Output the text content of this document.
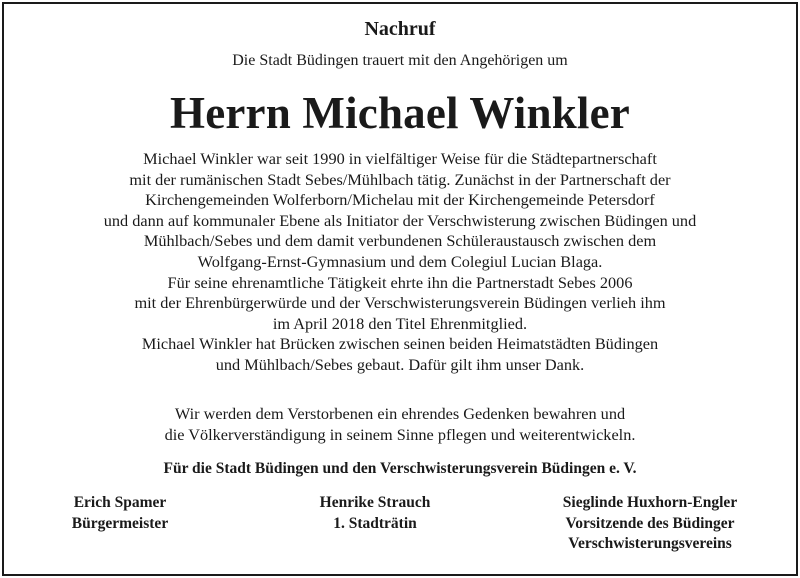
Nachruf
Die Stadt Büdingen trauert mit den Angehörigen um
Herrn Michael Winkler
Michael Winkler war seit 1990 in vielfältiger Weise für die Städtepartnerschaft
mit der rumänischen Stadt Sebes/Mühlbach tätig. Zunächst in der Partnerschaft der
Kirchengemeinden Wolferborn/Michelau mit der Kirchengemeinde Petersdorf
und dann auf kommunaler Ebene als Initiator der Verschwisterung zwischen Büdingen und
Mühlbach/Sebes und dem damit verbundenen Schüleraustausch zwischen dem
Wolfgang-Ernst-Gymnasium und dem Colegiul Lucian Blaga.
Für seine ehrenamtliche Tätigkeit ehrte ihn die Partnerstadt Sebes 2006
mit der Ehrenbürgerwürde und der Verschwisterungsverein Büdingen verlieh ihm
im April 2018 den Titel Ehrenmitglied.
Michael Winkler hat Brücken zwischen seinen beiden Heimatstädten Büdingen
und Mühlbach/Sebes gebaut. Dafür gilt ihm unser Dank.
Wir werden dem Verstorbenen ein ehrendes Gedenken bewahren und
die Völkerverständigung in seinem Sinne pflegen und weiterentwickeln.
Für die Stadt Büdingen und den Verschwisterungsverein Büdingen e. V.
Erich Spamer
Bürgermeister
Henrike Strauch
1. Stadträtin
Sieglinde Huxhorn-Engler
Vorsitzende des Büdinger
Verschwisterungsvereins
